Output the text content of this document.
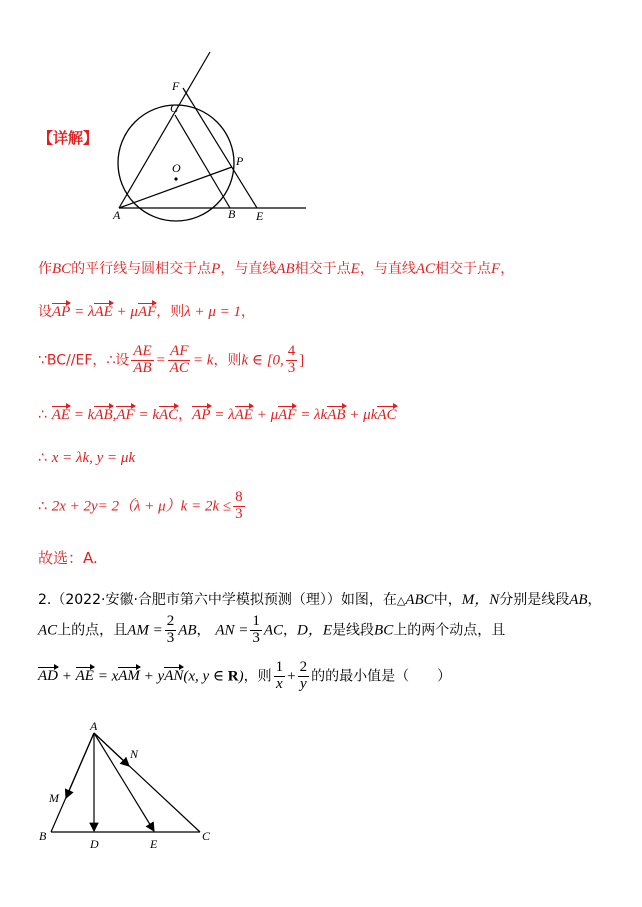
【详解】
F
C
O	P
A	B E
作BC的平行线与圆相交于点P，与直线AB相交于点E，与直线AC相交于点F，
设AP = λAE + μAF，则λ + μ = 1，
∵BC//EF，∴设 $\frac{AE}{AB} = \frac{AF}{AC} = k$，则k ∈ [0, $\frac{4}{3}$ ]
∴ AE = kAB,AF = kAC，AP = λAE + μAF = λkAB + μkAC
∴ x = λk, y = μk
∴ $2x + 2y= 2(\lambda + \mu)k = 2k \le \frac{8}{3}$
故选：A.
2.（2022·安徽·合肥市第六中学模拟预测（理））如图，在△ABC中，M，N分别是线段AB，
AC上的点，且AM = $\frac{2}{3}$ AB， AN = $\frac{1}{3}$ AC，D，E是线段BC上的两个动点，且
AD + AE = xAM + yAN(x, y ∈ R)，则 $\frac{1}{x} + \frac{2}{y}$ 的的最小值是（　　）
A
N
M
B
D	E
C
